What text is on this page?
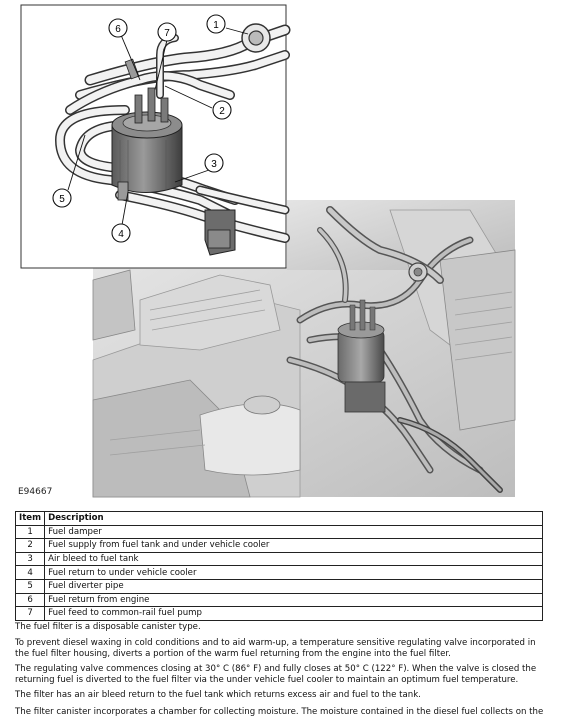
1
2
3
4
5
6	7
E94667
Item	Description
1	Fuel damper
2	Fuel supply from fuel tank and under vehicle cooler
3	Air bleed to fuel tank
4	Fuel return to under vehicle cooler
5	Fuel diverter pipe
6	Fuel return from engine
7	Fuel feed to common-rail fuel pump

The fuel filter is a disposable canister type.

To prevent diesel waxing in cold conditions and to aid warm-up, a temperature sensitive regulating valve incorporated in the fuel filter housing, diverts a portion of the warm fuel returning from the engine into the fuel filter.

The regulating valve commences closing at 30° C (86° F) and fully closes at 50° C (122° F). When the valve is closed the returning fuel is diverted to the fuel filter via the under vehicle fuel cooler to maintain an optimum fuel temperature.

The filter has an air bleed return to the fuel tank which returns excess air and fuel to the tank.

The filter canister incorporates a chamber for collecting moisture. The moisture contained in the diesel fuel collects on the
